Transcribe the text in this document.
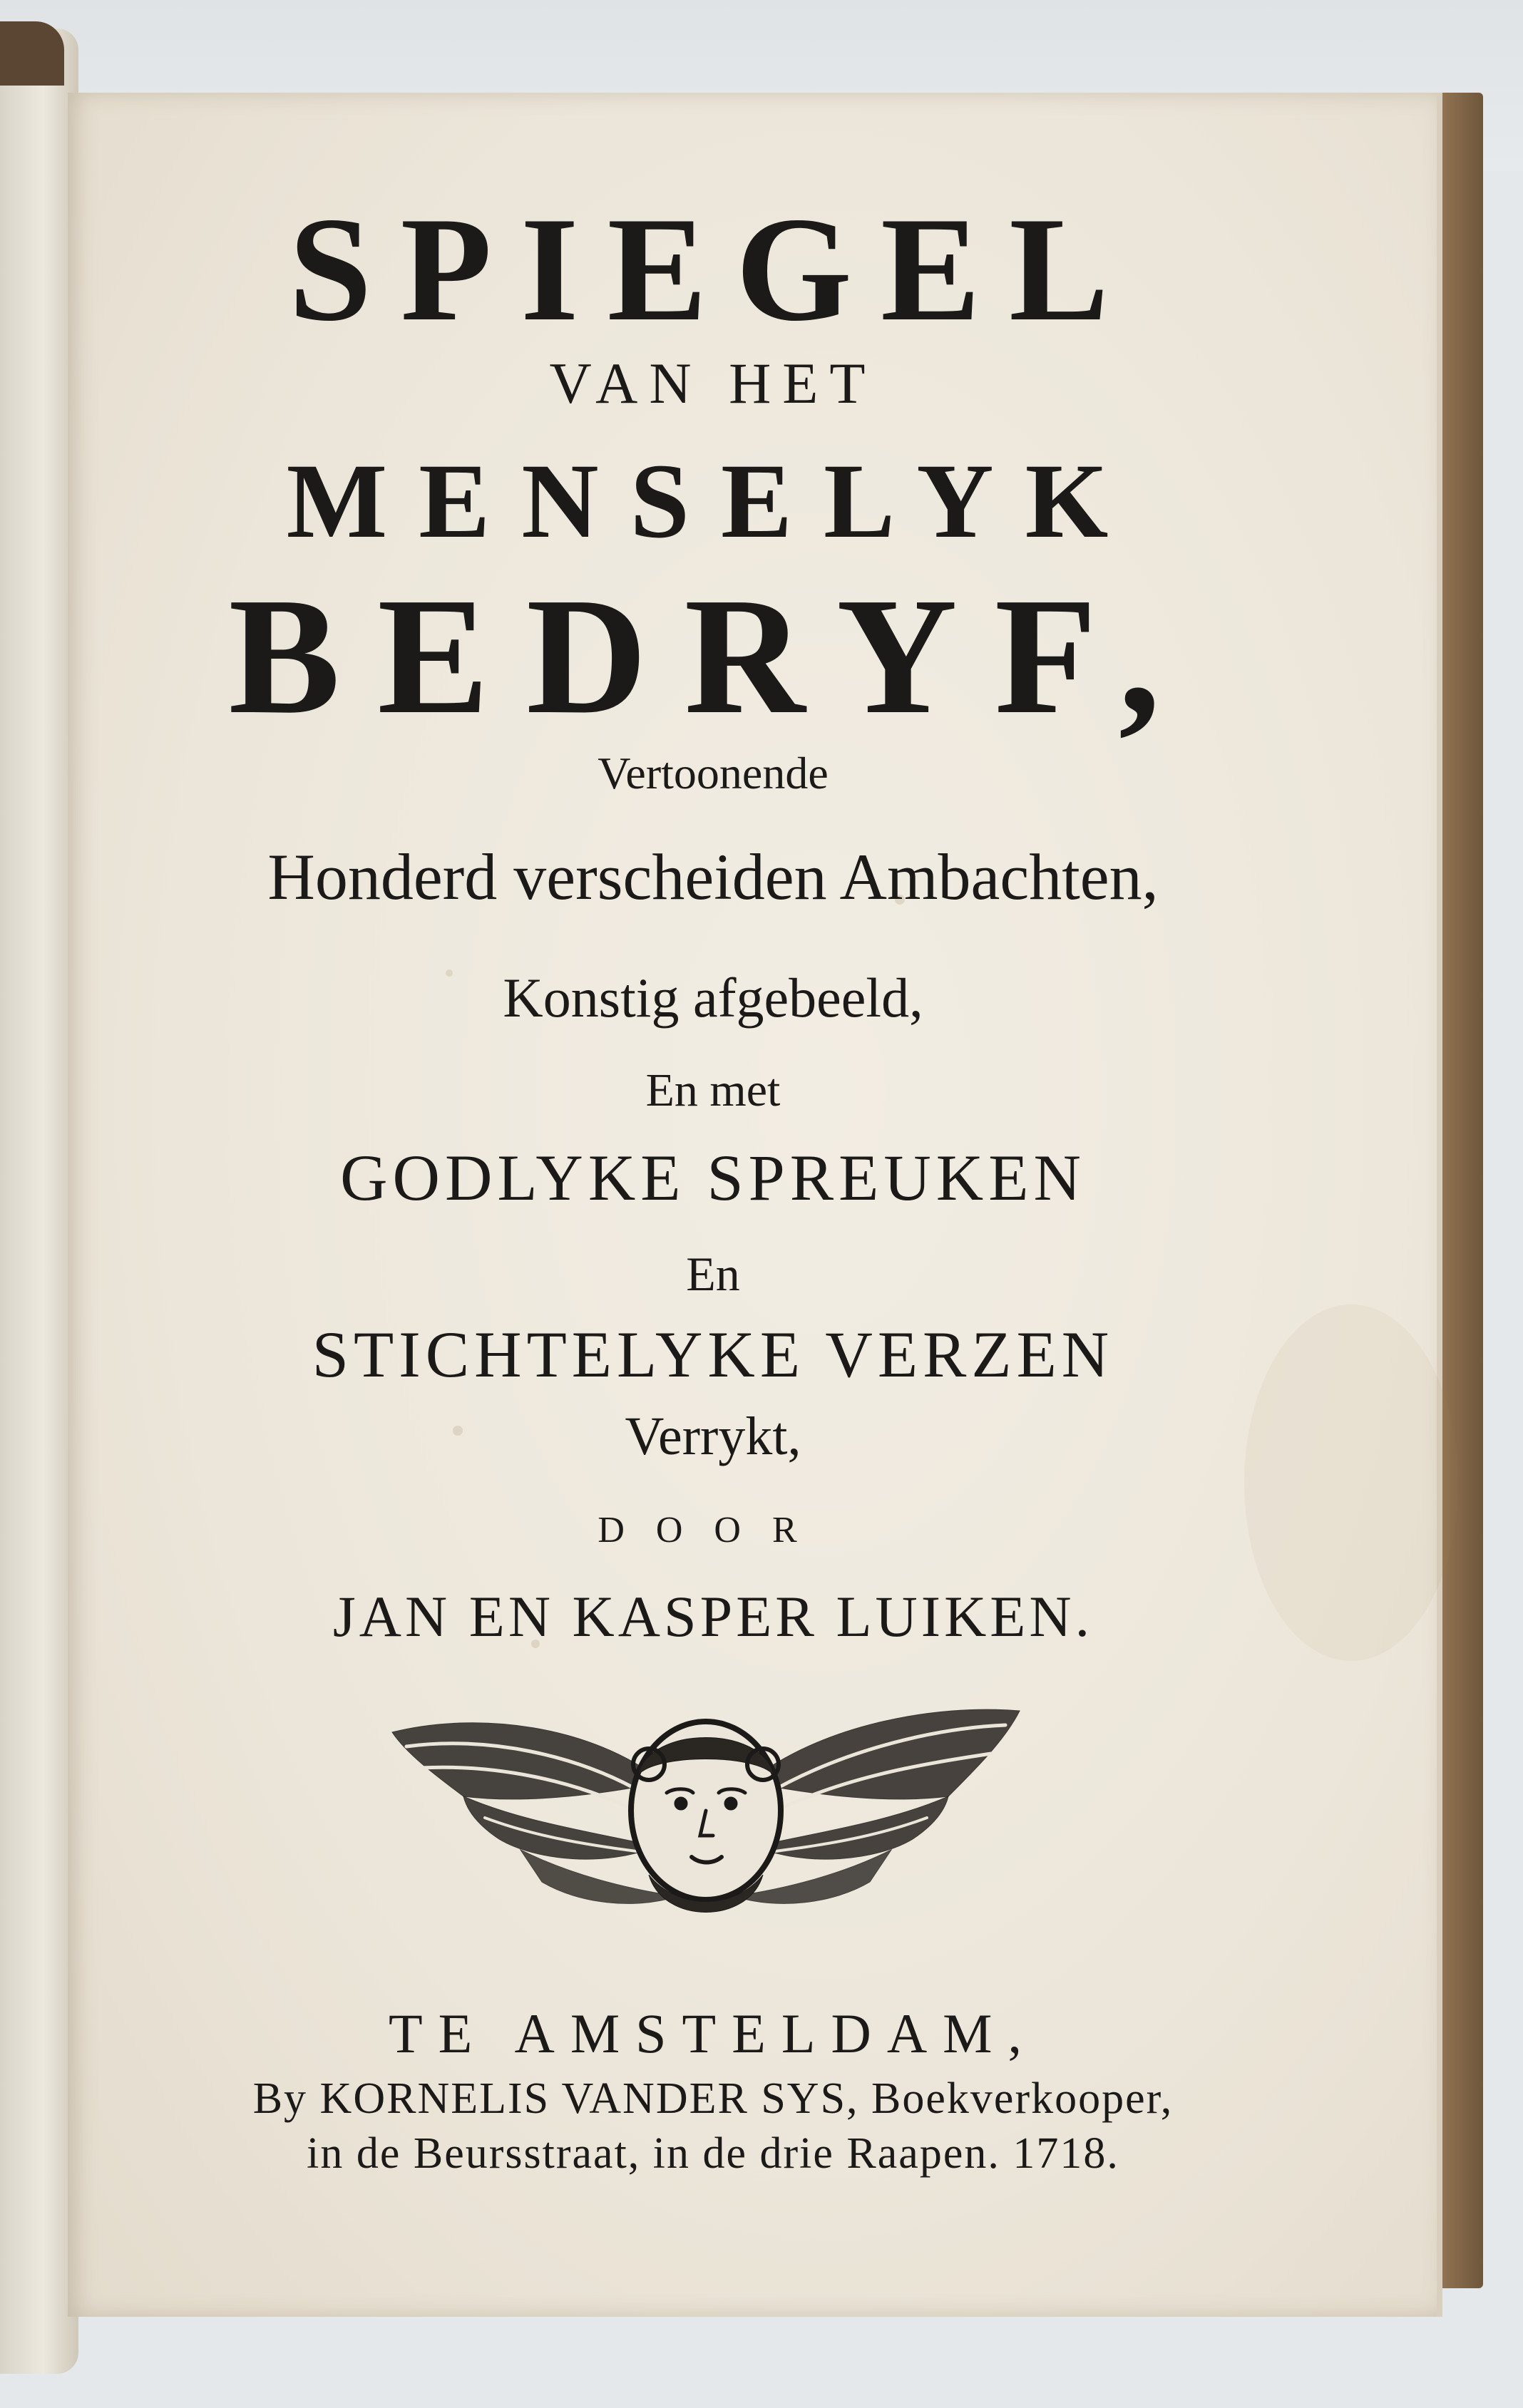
SPIEGEL
VAN HET
MENSELYK
BEDRYF,
Vertoonende
Honderd verscheiden Ambachten,
Konstig afgebeeld,
En met
GODLYKE SPREUKEN
En
STICHTELYKE VERZEN
Verrykt,
DOOR
JAN EN KASPER LUIKEN.
TE AMSTELDAM,
By KORNELIS VANDER SYS, Boekverkooper,
in de Beursstraat, in de drie Raapen. 1718.
